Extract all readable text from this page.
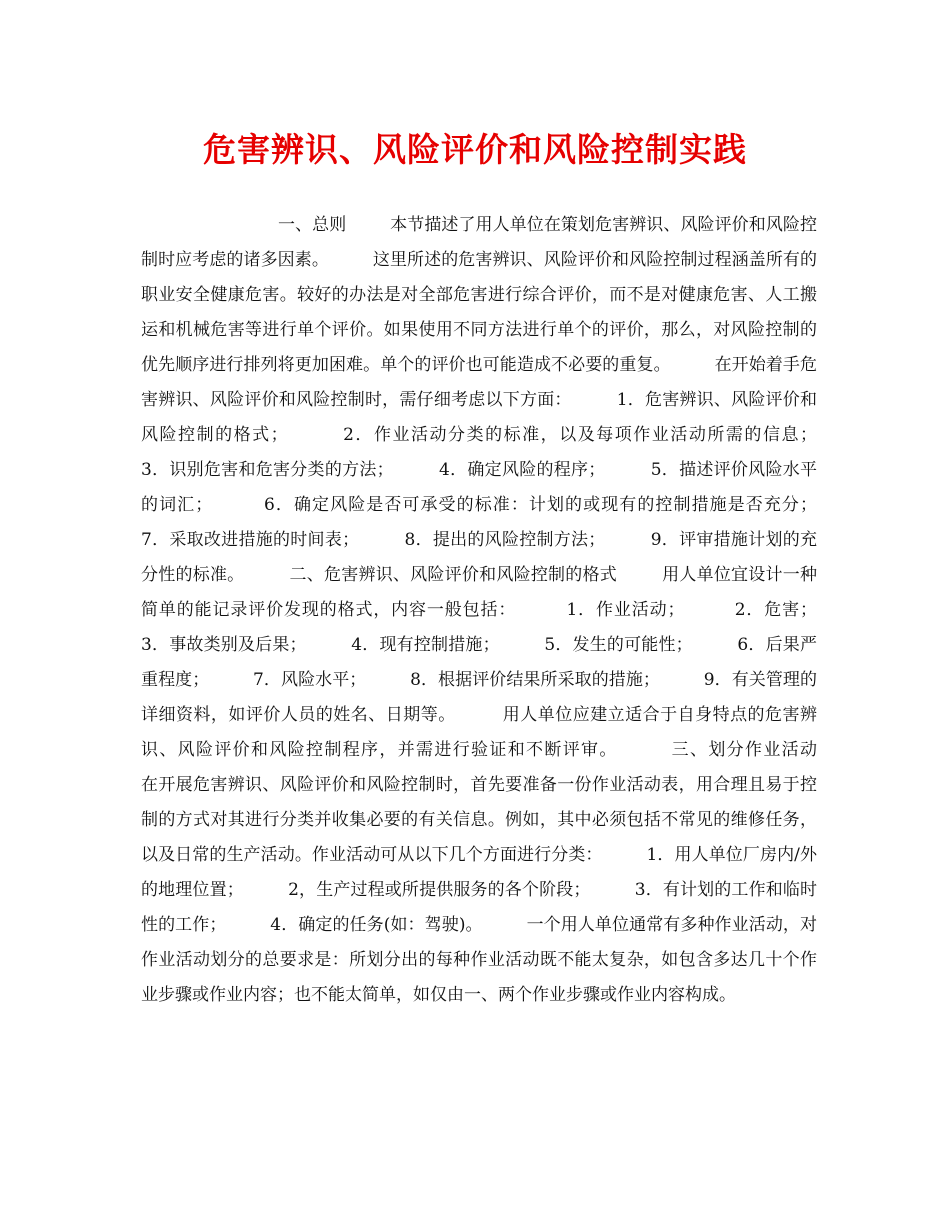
危害辨识、风险评价和风险控制实践

一、总则        本节描述了用人单位在策划危害辨识、风险评价和风险控制时应考虑的诸多因素。        这里所述的危害辨识、风险评价和风险控制过程涵盖所有的职业安全健康危害。较好的办法是对全部危害进行综合评价，而不是对健康危害、人工搬运和机械危害等进行单个评价。如果使用不同方法进行单个的评价，那么，对风险控制的优先顺序进行排列将更加困难。单个的评价也可能造成不必要的重复。        在开始着手危害辨识、风险评价和风险控制时，需仔细考虑以下方面：        1．危害辨识、风险评价和风险控制的格式；        2．作业活动分类的标准，以及每项作业活动所需的信息；        3．识别危害和危害分类的方法；        4．确定风险的程序；        5．描述评价风险水平的词汇；        6．确定风险是否可承受的标准：计划的或现有的控制措施是否充分；        7．采取改进措施的时间表；        8．提出的风险控制方法；        9．评审措施计划的充分性的标准。        二、危害辨识、风险评价和风险控制的格式        用人单位宜设计一种简单的能记录评价发现的格式，内容一般包括：        1．作业活动；        2．危害；        3．事故类别及后果；        4．现有控制措施；        5．发生的可能性；        6．后果严重程度；        7．风险水平；        8．根据评价结果所采取的措施；        9．有关管理的详细资料，如评价人员的姓名、日期等。        用人单位应建立适合于自身特点的危害辨识、风险评价和风险控制程序，并需进行验证和不断评审。        三、划分作业活动        在开展危害辨识、风险评价和风险控制时，首先要准备一份作业活动表，用合理且易于控制的方式对其进行分类并收集必要的有关信息。例如，其中必须包括不常见的维修任务，以及日常的生产活动。作业活动可从以下几个方面进行分类：        1．用人单位厂房内/外的地理位置；        2，生产过程或所提供服务的各个阶段；        3．有计划的工作和临时性的工作；        4．确定的任务(如：驾驶)。        一个用人单位通常有多种作业活动，对作业活动划分的总要求是：所划分出的每种作业活动既不能太复杂，如包含多达几十个作业步骤或作业内容；也不能太简单，如仅由一、两个作业步骤或作业内容构成。
